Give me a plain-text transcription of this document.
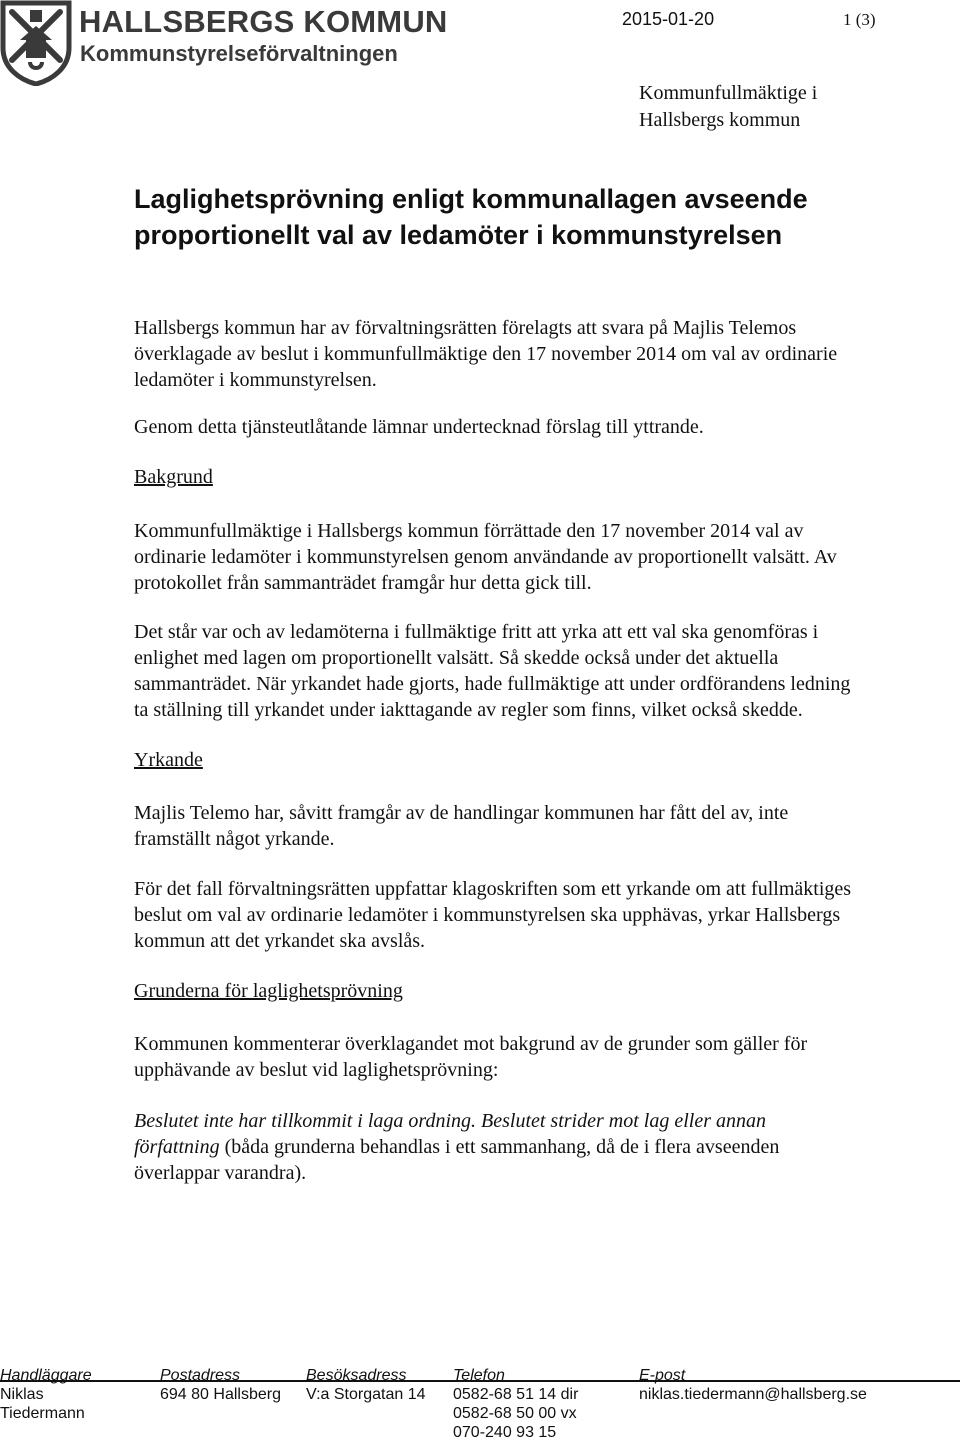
HALLSBERGS KOMMUN
Kommunstyrelseförvaltningen
2015-01-20	1 (3)
Kommunfullmäktige i
Hallsbergs kommun
Laglighetsprövning enligt kommunallagen avseende proportionellt val av ledamöter i kommunstyrelsen

Hallsbergs kommun har av förvaltningsrätten förelagts att svara på Majlis Telemos överklagade av beslut i kommunfullmäktige den 17 november 2014 om val av ordinarie ledamöter i kommunstyrelsen.

Genom detta tjänsteutlåtande lämnar undertecknad förslag till yttrande.

Bakgrund

Kommunfullmäktige i Hallsbergs kommun förrättade den 17 november 2014 val av ordinarie ledamöter i kommunstyrelsen genom användande av proportionellt valsätt. Av protokollet från sammanträdet framgår hur detta gick till.

Det står var och av ledamöterna i fullmäktige fritt att yrka att ett val ska genomföras i enlighet med lagen om proportionellt valsätt. Så skedde också under det aktuella sammanträdet. När yrkandet hade gjorts, hade fullmäktige att under ordförandens ledning ta ställning till yrkandet under iakttagande av regler som finns, vilket också skedde.

Yrkande

Majlis Telemo har, såvitt framgår av de handlingar kommunen har fått del av, inte framställt något yrkande.

För det fall förvaltningsrätten uppfattar klagoskriften som ett yrkande om att fullmäktiges beslut om val av ordinarie ledamöter i kommunstyrelsen ska upphävas, yrkar Hallsbergs kommun att det yrkandet ska avslås.

Grunderna för laglighetsprövning

Kommunen kommenterar överklagandet mot bakgrund av de grunder som gäller för upphävande av beslut vid laglighetsprövning:

Beslutet inte har tillkommit i laga ordning. Beslutet strider mot lag eller annan författning (båda grunderna behandlas i ett sammanhang, då de i flera avseenden överlappar varandra).

Handläggare
Niklas
Tiedermann
Postadress
694 80 Hallsberg
Besöksadress
V:a Storgatan 14
Telefon
0582-68 51 14 dir
0582-68 50 00 vx
070-240 93 15
E-post
niklas.tiedermann@hallsberg.se
